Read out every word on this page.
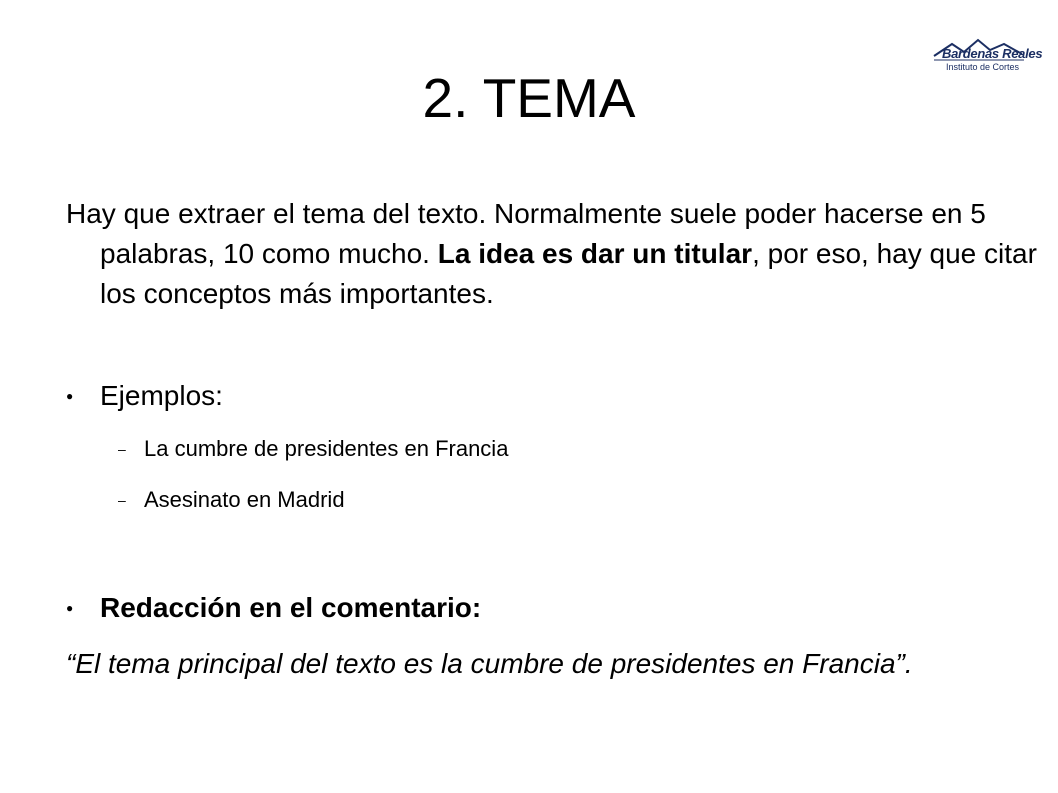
Bardenas Reales
Instituto de Cortes
2. TEMA
Hay que extraer el tema del texto. Normalmente suele poder hacerse en 5 palabras, 10 como mucho. La idea es dar un titular, por eso, hay que citar los conceptos más importantes.
● Ejemplos:
– La cumbre de presidentes en Francia
– Asesinato en Madrid
● Redacción en el comentario:
“El tema principal del texto es la cumbre de presidentes en Francia”.
